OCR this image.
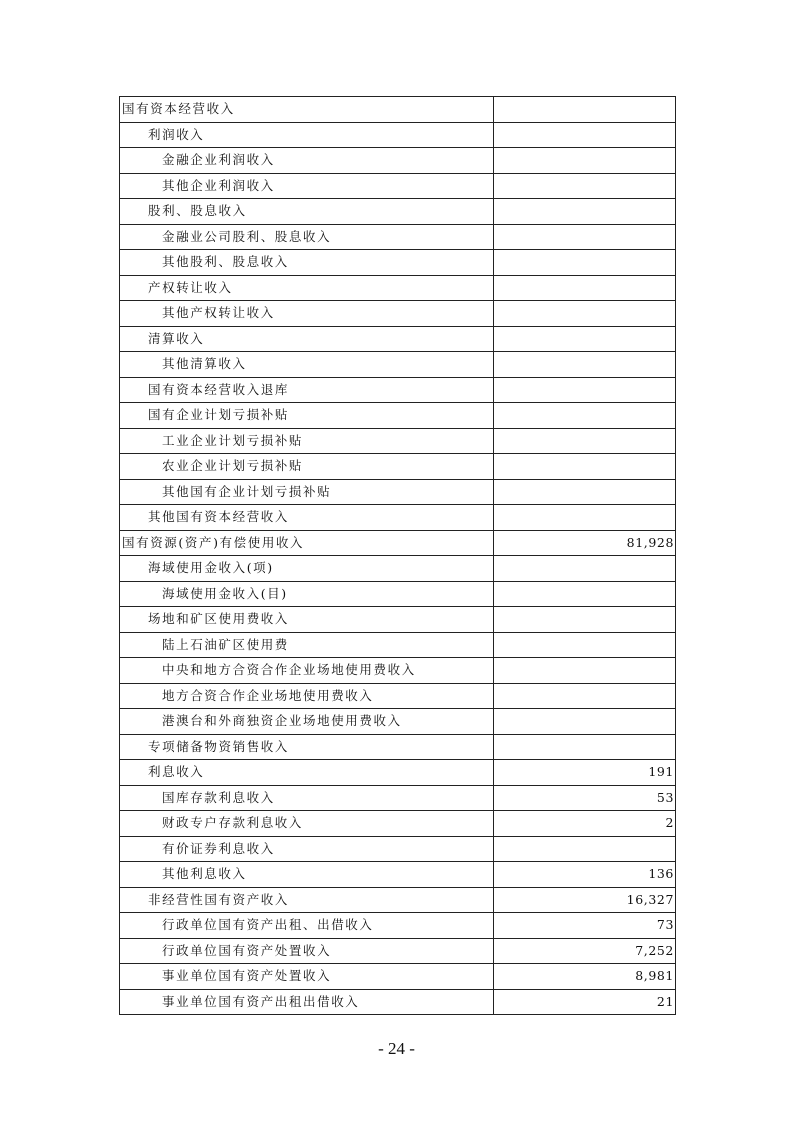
国有资本经营收入	
利润收入	
金融企业利润收入	
其他企业利润收入	
股利、股息收入	
金融业公司股利、股息收入	
其他股利、股息收入	
产权转让收入	
其他产权转让收入	
清算收入	
其他清算收入	
国有资本经营收入退库	
国有企业计划亏损补贴	
工业企业计划亏损补贴	
农业企业计划亏损补贴	
其他国有企业计划亏损补贴	
其他国有资本经营收入	
国有资源(资产)有偿使用收入	81,928
海域使用金收入(项)	
海域使用金收入(目)	
场地和矿区使用费收入	
陆上石油矿区使用费	
中央和地方合资合作企业场地使用费收入	
地方合资合作企业场地使用费收入	
港澳台和外商独资企业场地使用费收入	
专项储备物资销售收入	
利息收入	191
国库存款利息收入	53
财政专户存款利息收入	2
有价证券利息收入	
其他利息收入	136
非经营性国有资产收入	16,327
行政单位国有资产出租、出借收入	73
行政单位国有资产处置收入	7,252
事业单位国有资产处置收入	8,981
事业单位国有资产出租出借收入	21
- 24 -
